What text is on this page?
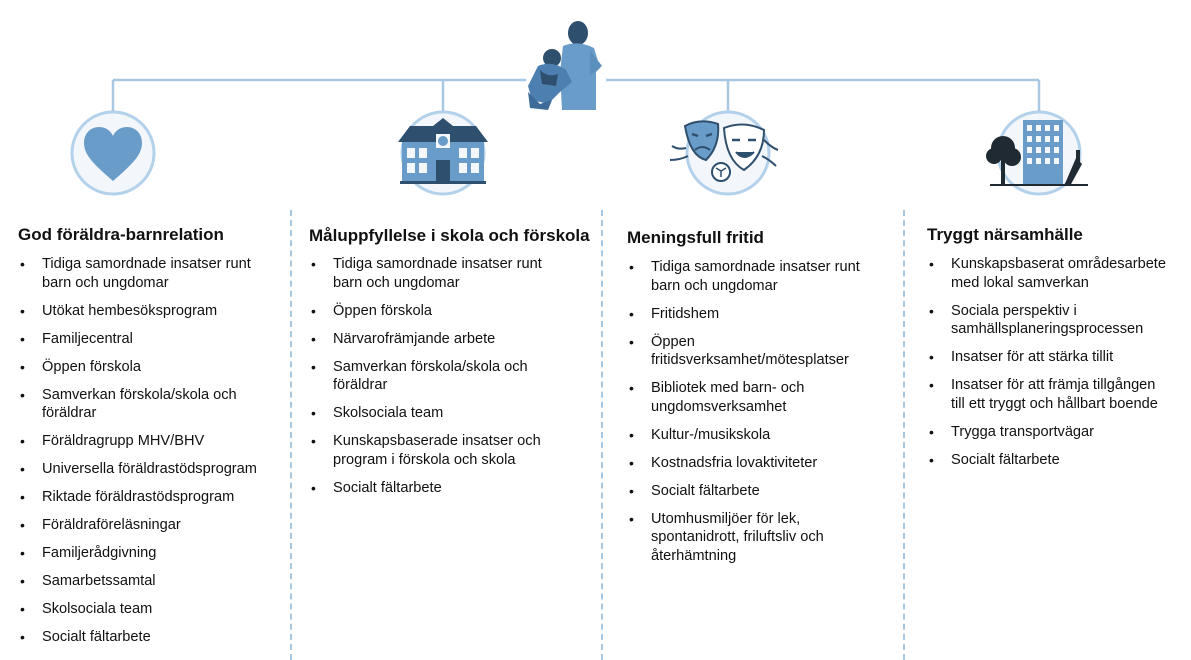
God föräldra-barnrelation
• Tidiga samordnade insatser runt
barn och ungdomar
• Utökat hembesöksprogram
• Familjecentral
• Öppen förskola
• Samverkan förskola/skola och
föräldrar
• Föräldragrupp MHV/BHV
• Universella föräldrastödsprogram
• Riktade föräldrastödsprogram
• Föräldraföreläsningar
• Familjerådgivning
• Samarbetssamtal
• Skolsociala team
• Socialt fältarbete
Måluppfyllelse i skola och förskola
• Tidiga samordnade insatser runt
barn och ungdomar
• Öppen förskola
• Närvarofrämjande arbete
• Samverkan förskola/skola och
föräldrar
• Skolsociala team
• Kunskapsbaserade insatser och
program i förskola och skola
• Socialt fältarbete
Meningsfull fritid
• Tidiga samordnade insatser runt
barn och ungdomar
• Fritidshem
• Öppen
fritidsverksamhet/mötesplatser
• Bibliotek med barn- och
ungdomsverksamhet
• Kultur-/musikskola
• Kostnadsfria lovaktiviteter
• Socialt fältarbete
• Utomhusmiljöer för lek,
spontanidrott, friluftsliv och
återhämtning
Tryggt närsamhälle
• Kunskapsbaserat områdesarbete
med lokal samverkan
• Sociala perspektiv i
samhällsplaneringsprocessen
• Insatser för att stärka tillit
• Insatser för att främja tillgången
till ett tryggt och hållbart boende
• Trygga transportvägar
• Socialt fältarbete
